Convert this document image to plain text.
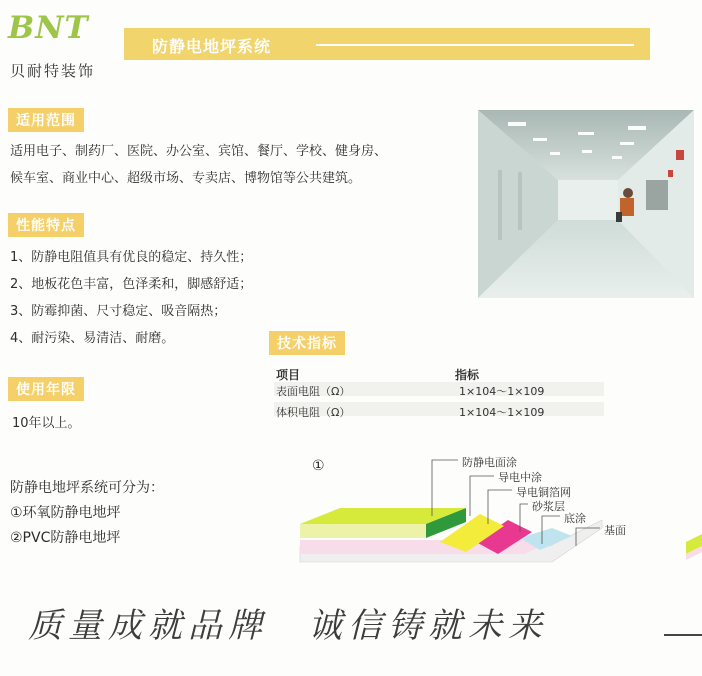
BNT
贝耐特装饰
防静电地坪系统
适用范围
适用电子、制药厂、医院、办公室、宾馆、餐厅、学校、健身房、
候车室、商业中心、超级市场、专卖店、博物馆等公共建筑。
性能特点
1、防静电阻值具有优良的稳定、持久性；
2、地板花色丰富，色泽柔和，脚感舒适；
3、防霉抑菌、尺寸稳定、吸音隔热；
4、耐污染、易清洁、耐磨。	技术指标
项目	指标
表面电阻（Ω）	1×104～1×109
体积电阻（Ω）	1×104～1×109
使用年限
10年以上。
防静电地坪系统可分为：
①环氧防静电地坪
②PVC防静电地坪
①	防静电面涂
导电中涂
导电铜箔网
砂浆层
底涂
基面
质量成就品牌　诚信铸就未来
